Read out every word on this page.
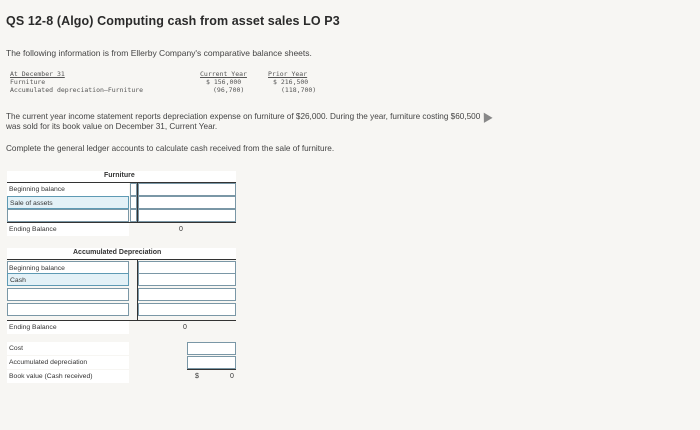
QS 12-8 (Algo) Computing cash from asset sales LO P3
The following information is from Ellerby Company's comparative balance sheets.
At December 31	Current Year	Prior Year
Furniture	$ 156,000	$ 216,500
Accumulated depreciation—Furniture	(96,700)	(118,700)
The current year income statement reports depreciation expense on furniture of $26,000. During the year, furniture costing $60,500
was sold for its book value on December 31, Current Year.
Complete the general ledger accounts to calculate cash received from the sale of furniture.
Furniture
Beginning balance
Sale of assets
Ending Balance	0
Accumulated Depreciation
Beginning balance
Cash
Ending Balance	0
Cost
Accumulated depreciation
Book value (Cash received)	$	0
